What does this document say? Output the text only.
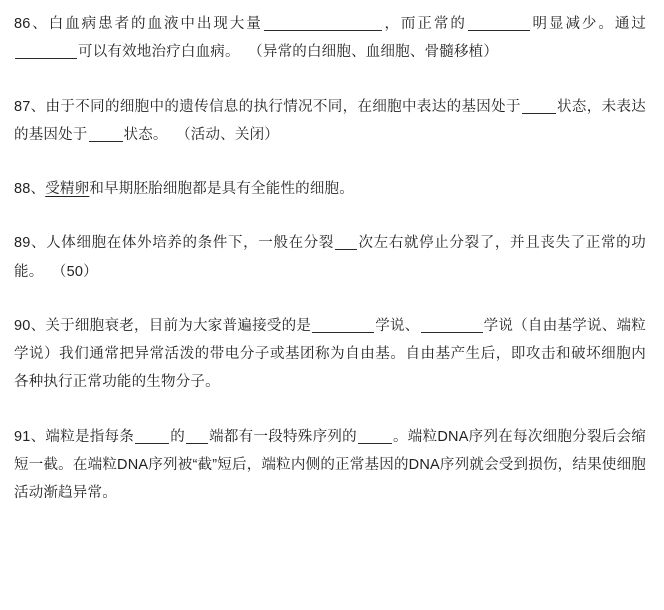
86、白血病患者的血液中出现大量	，而正常的	明显减少。通过可以有效地治疗白血病。 （异常的白细胞、血细胞、骨髓移植）

87、由于不同的细胞中的遗传信息的执行情况不同，在细胞中表达的基因处于 状态，未表达的基因处于 状态。 （活动、关闭）

88、受精卵和早期胚胎细胞都是具有全能性的细胞。

89、人体细胞在体外培养的条件下，一般在分裂 次左右就停止分裂了，并且丧失了正常的功能。 （50）

90、关于细胞衰老，目前为大家普遍接受的是	学说、	学说（自由基学说、端粒学说）我们通常把异常活泼的带电分子或基团称为自由基。自由基产生后，即攻击和破坏细胞内各种执行正常功能的生物分子。

91、端粒是指每条 的 端都有一段特殊序列的 。端粒DNA序列在每次细胞分裂后会缩短一截。在端粒DNA序列被“截”短后，端粒内侧的正常基因的DNA序列就会受到损伤，结果使细胞活动渐趋异常。
